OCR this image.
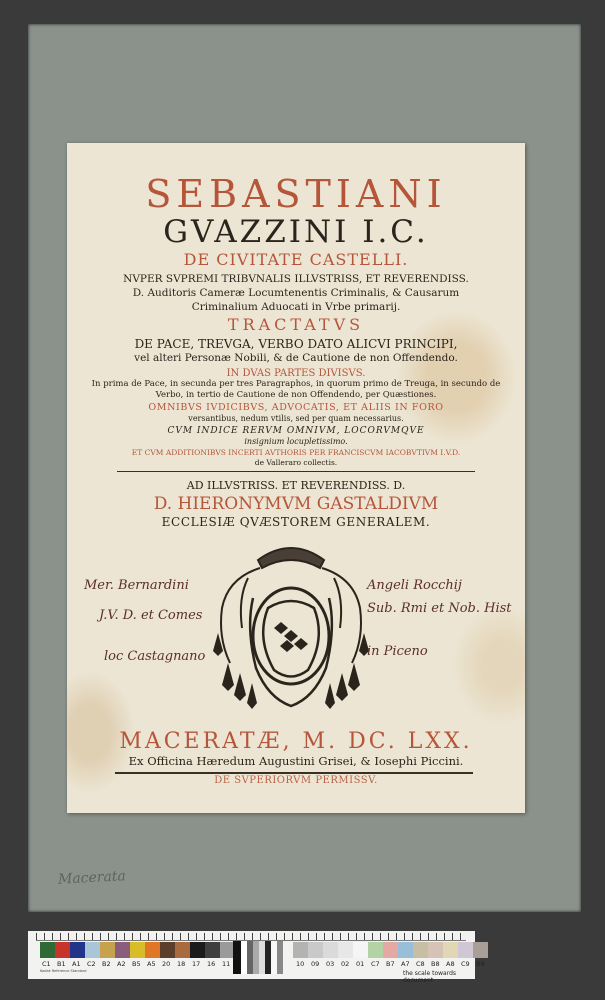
Macerata
SEBASTIANI
GVAZZINI I.C.
DE CIVITATE CASTELLI.
NVPER SVPREMI TRIBVNALIS ILLVSTRISS, ET REVERENDISS.
D. Auditoris Cameræ Locumtenentis Criminalis, & Causarum
Criminalium Aduocati in Vrbe primarij.
TRACTATVS
DE PACE, TREVGA, VERBO DATO ALICVI PRINCIPI,
vel alteri Personæ Nobili, & de Cautione de non Offendendo.
IN DVAS PARTES DIVISVS.
In prima de Pace, in secunda per tres Paragraphos, in quorum primo de Treuga, in secundo de
Verbo, in tertio de Cautione de non Offendendo, per Quæstiones.
OMNIBVS IVDICIBVS, ADVOCATIS, ET ALIIS IN FORO
versantibus, nedum vtilis, sed per quam necessarius.
CVM INDICE RERVM OMNIVM, LOCORVMQVE
insignium locupletissimo.
ET CVM ADDITIONIBVS INCERTI AVTHORIS PER FRANCISCVM IACOBVTIVM I.V.D.
de Valleraro collectis.
AD ILLVSTRISS. ET REVERENDISS. D.
D. HIERONYMVM GASTALDIVM
ECCLESIÆ QVÆSTOREM GENERALEM.
Mer. Bernardini
J.V. D. et Comes
loc Castagnano
Angeli Rocchij
Sub. Rmi et Nob. Hist
in Piceno
MACERATÆ, M. DC. LXX.
Ex Officina Hæredum Augustini Grisei, & Iosephi Piccini.
DE SVPERIORVM PERMISSV.
C1 B1 A1 C2 B2 A2 B5 A5 20	18	17	16	11	10	09	03	02	01	C7 B7 A7 C8 B8 A8 C9 B9
Kodak Reference Standard	the scale towards document
